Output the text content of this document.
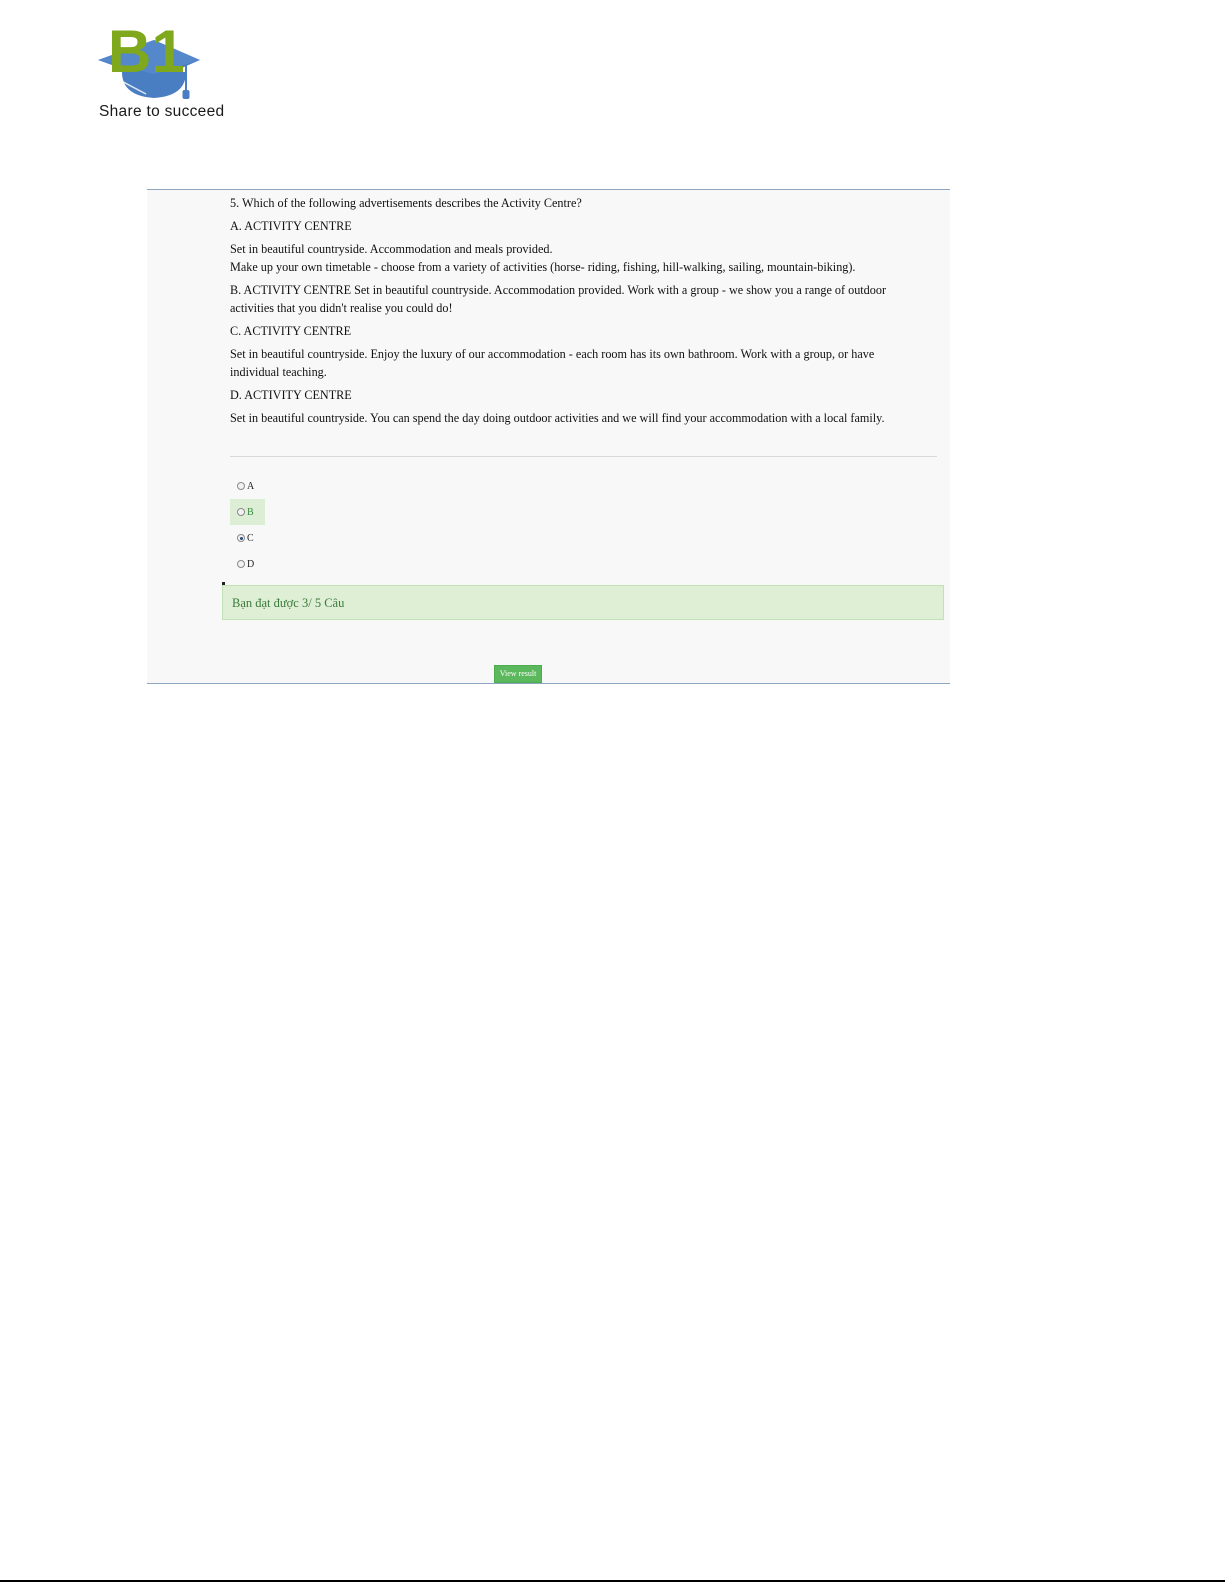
B1
Share to succeed

5. Which of the following advertisements describes the Activity Centre?

A. ACTIVITY CENTRE

Set in beautiful countryside. Accommodation and meals provided.

Make up your own timetable - choose from a variety of activities (horse- riding, fishing, hill-walking, sailing, mountain-biking).

B. ACTIVITY CENTRE Set in beautiful countryside. Accommodation provided. Work with a group - we show you a range of outdoor activities that you didn't realise you could do!

C. ACTIVITY CENTRE

Set in beautiful countryside. Enjoy the luxury of our accommodation - each room has its own bathroom. Work with a group, or have individual teaching.

D. ACTIVITY CENTRE

Set in beautiful countryside. You can spend the day doing outdoor activities and we will find your accommodation with a local family.

A
B
C
D
Bạn đạt được 3/ 5 Câu
View result
